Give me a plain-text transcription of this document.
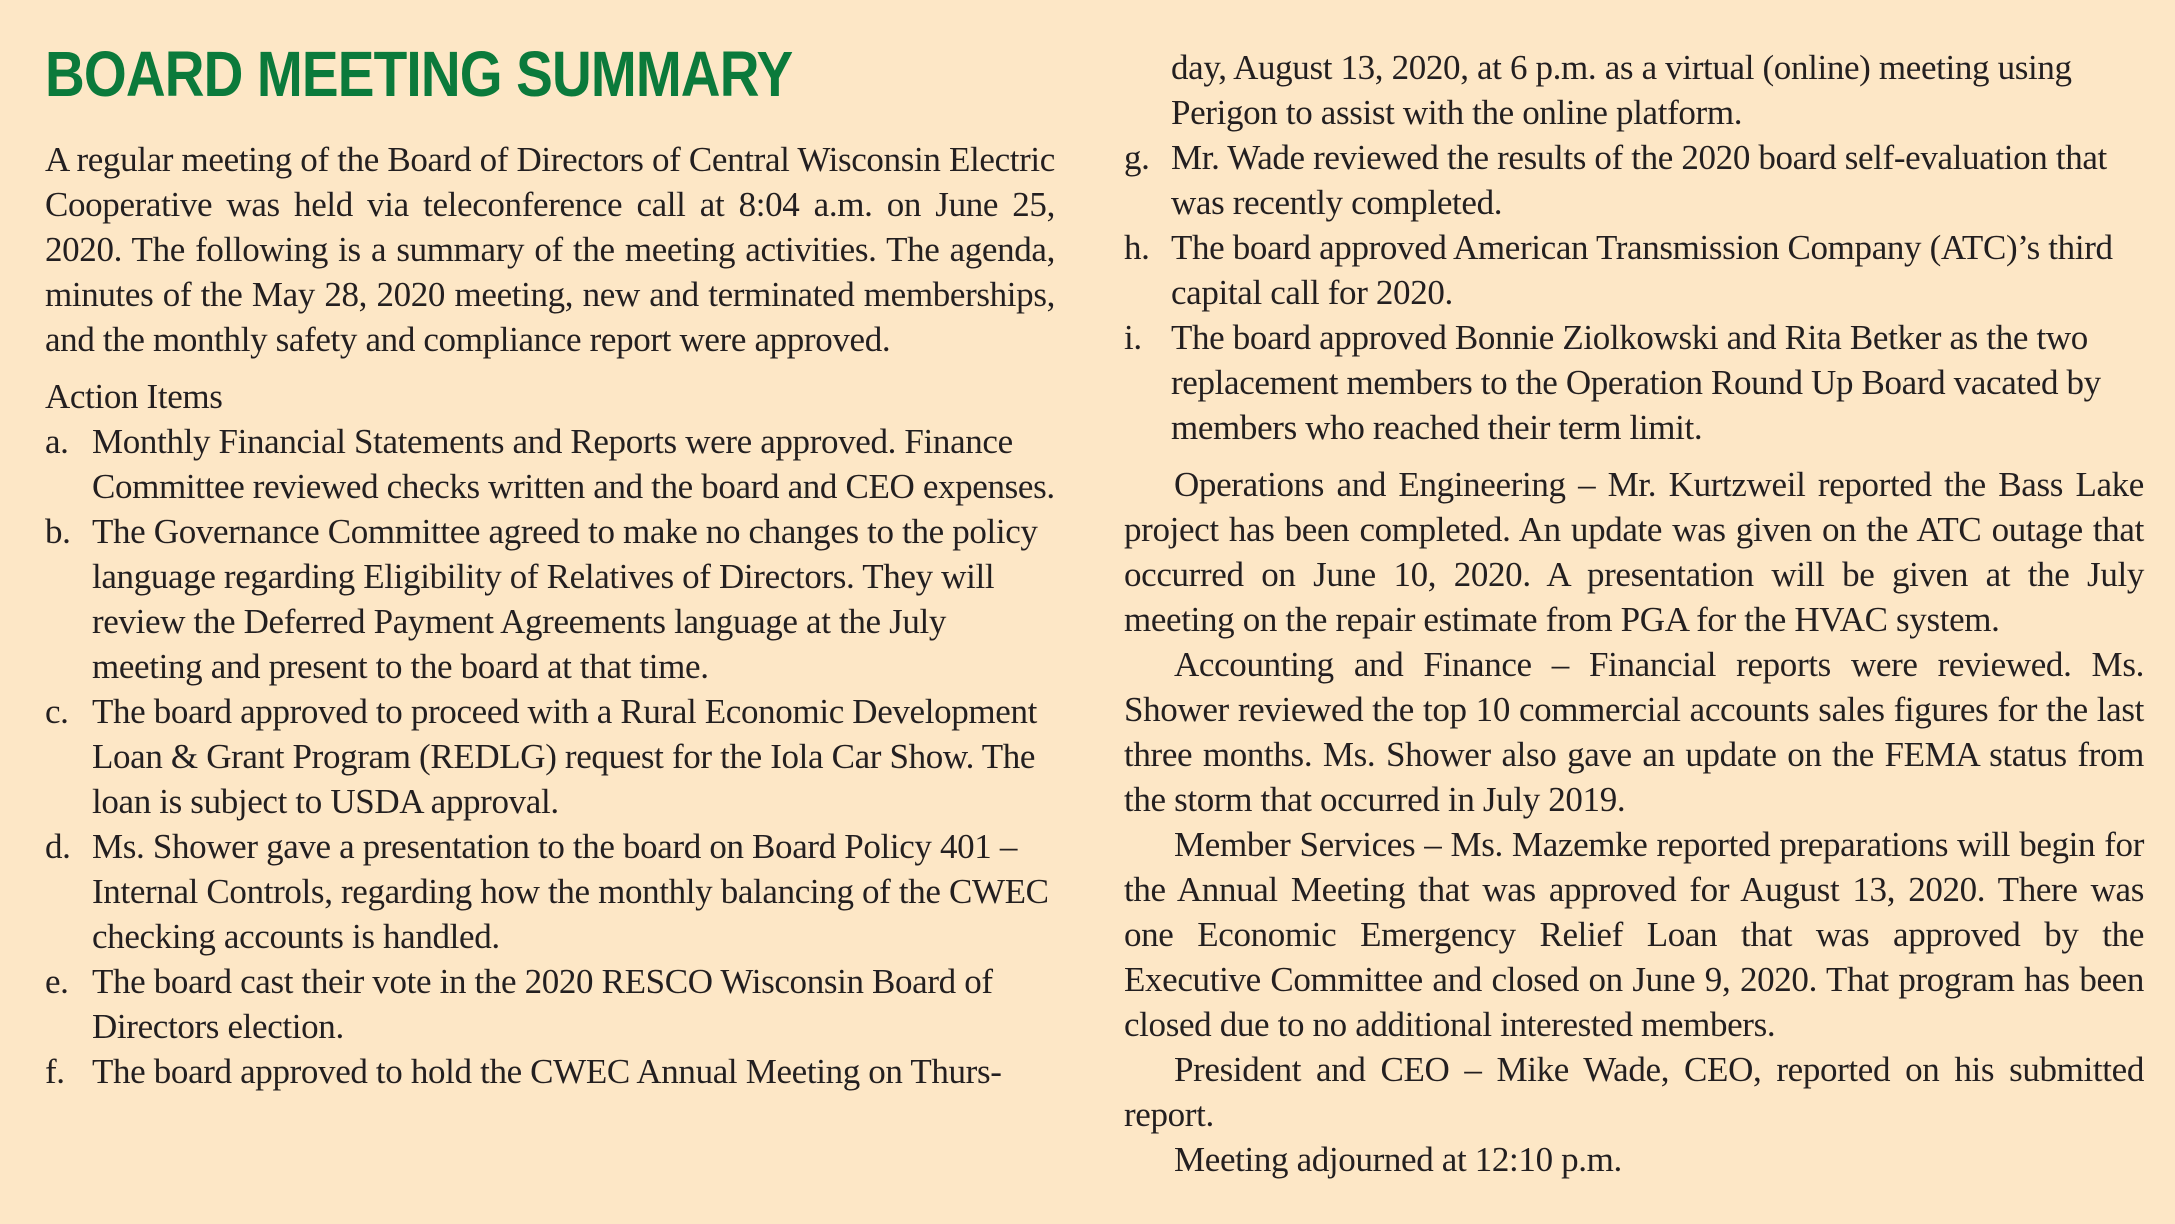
BOARD MEETING SUMMARY

A regular meeting of the Board of Directors of Central Wisconsin Electric Cooperative was held via teleconference call at 8:04 a.m. on June 25, 2020. The following is a summary of the meeting activities. The agenda, minutes of the May 28, 2020 meeting, new and terminated memberships, and the monthly safety and compliance report were approved.

Action Items
a. Monthly Financial Statements and Reports were approved. Finance Committee reviewed checks written and the board and CEO expenses.
b. The Governance Committee agreed to make no changes to the policy language regarding Eligibility of Relatives of Directors. They will review the Deferred Payment Agreements language at the July meeting and present to the board at that time.
c. The board approved to proceed with a Rural Economic Development Loan & Grant Program (REDLG) request for the Iola Car Show. The loan is subject to USDA approval.
d. Ms. Shower gave a presentation to the board on Board Policy 401 – Internal Controls, regarding how the monthly balancing of the CWEC checking accounts is handled.
e. The board cast their vote in the 2020 RESCO Wisconsin Board of Directors election.
f. The board approved to hold the CWEC Annual Meeting on Thurs-

day, August 13, 2020, at 6 p.m. as a virtual (online) meeting using Perigon to assist with the online platform.

g. Mr. Wade reviewed the results of the 2020 board self-evaluation that was recently completed.
h. The board approved American Transmission Company (ATC)’s third capital call for 2020.
i. The board approved Bonnie Ziolkowski and Rita Betker as the two replacement members to the Operation Round Up Board vacated by members who reached their term limit.

Operations and Engineering – Mr. Kurtzweil reported the Bass Lake project has been completed. An update was given on the ATC outage that occurred on June 10, 2020. A presentation will be given at the July meeting on the repair estimate from PGA for the HVAC system.

Accounting and Finance – Financial reports were reviewed. Ms. Shower reviewed the top 10 commercial accounts sales figures for the last three months. Ms. Shower also gave an update on the FEMA status from the storm that occurred in July 2019.

Member Services – Ms. Mazemke reported preparations will begin for the Annual Meeting that was approved for August 13, 2020. There was one Economic Emergency Relief Loan that was approved by the Executive Committee and closed on June 9, 2020. That program has been closed due to no additional interested members.

President and CEO – Mike Wade, CEO, reported on his submitted report.

Meeting adjourned at 12:10 p.m.
